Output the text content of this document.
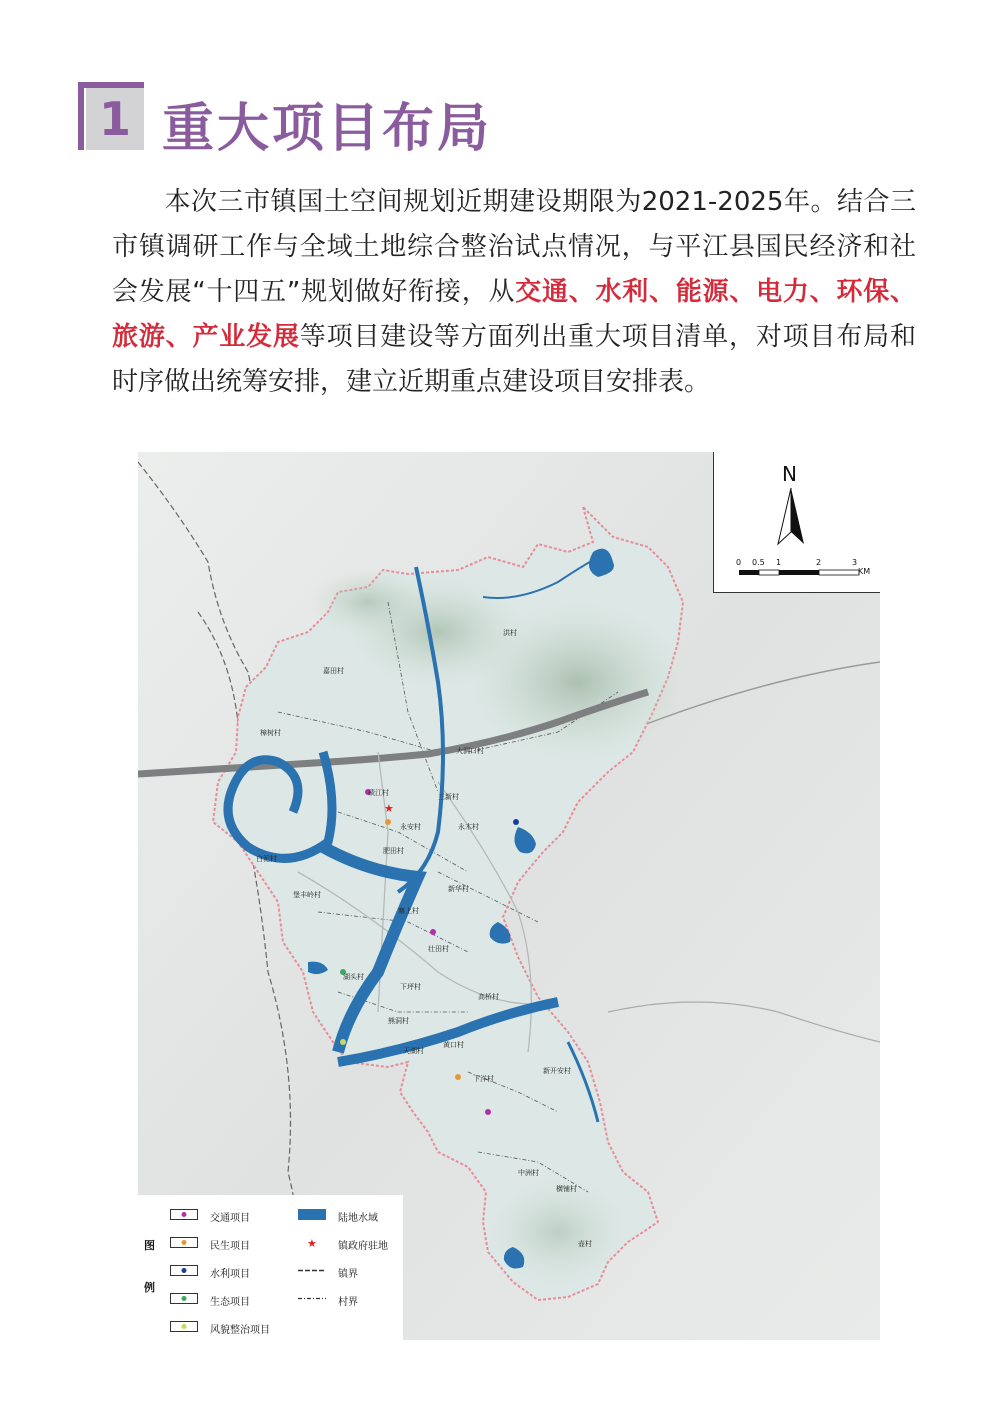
1 重大项目布局
  本次三市镇国土空间规划近期建设期限为2021-2025年。结合三市镇调研工作与全域土地综合整治试点情况，与平江县国民经济和社会发展“十四五”规划做好衔接，从交通、水利、能源、电力、环保、旅游、产业发展等项目建设等方面列出重大项目清单，对项目布局和时序做出统筹安排，建立近期重点建设项目安排表。
★
洪村
嘉田村
樟树村
大洞口村
碛江村
永安村
三新村
永木村
肥田村
白泥村
堡丰岭村
新华村
寨上村
壮田村
下坪村
高桥村
湖头村
熊洞村
天湖村
黄口村
下洋村
新开安村
中洲村
横铺村
壶村
N
0 0.5 1	2	3
KM
图
例
交通项目
民生项目
水利项目
生态项目
风貌整治项目
陆地水域
★ 镇政府驻地
镇界
村界
